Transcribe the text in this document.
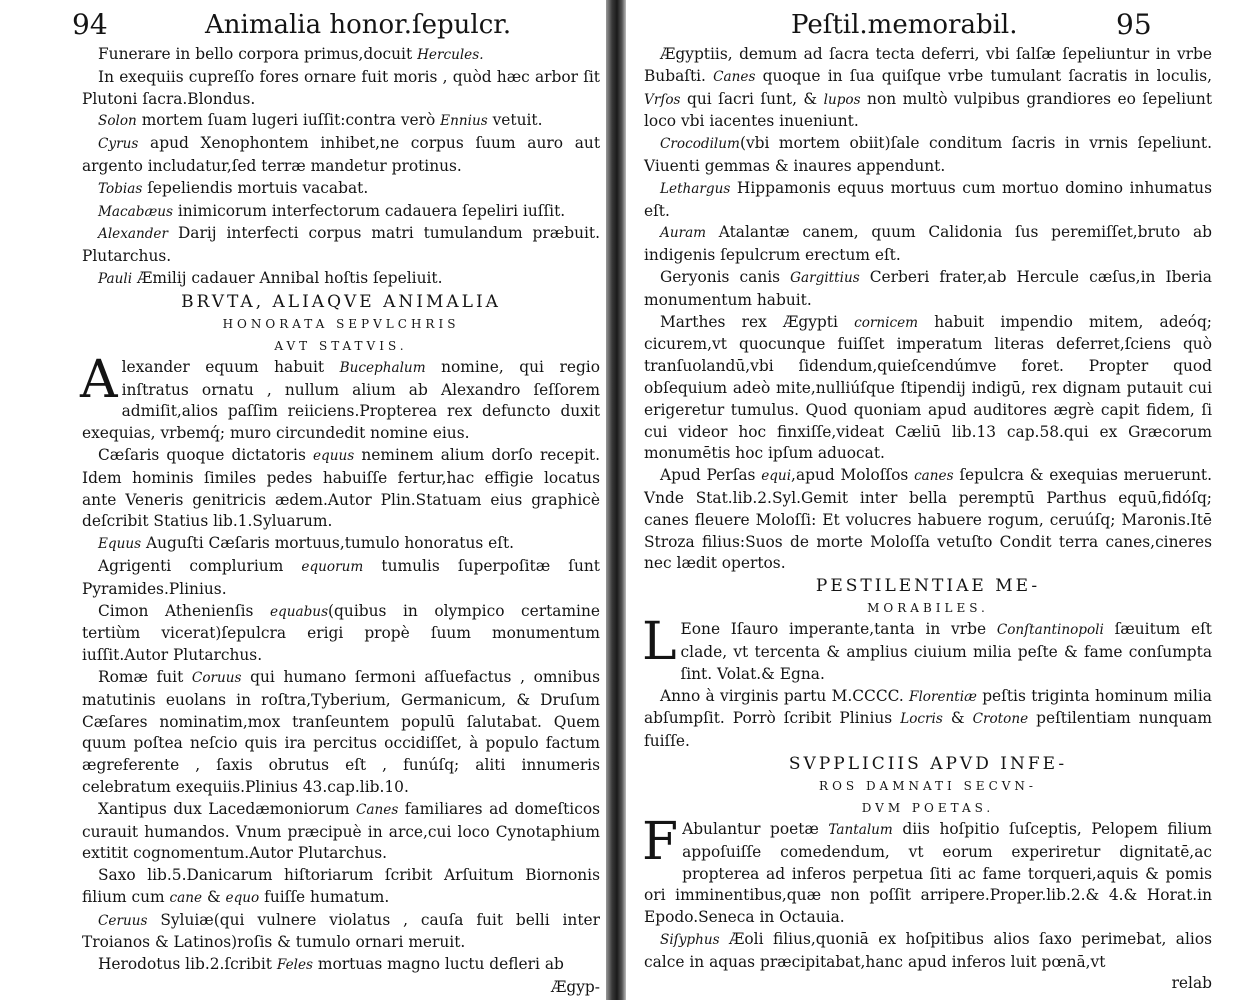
94	Animalia honor.ſepulcr.

Funerare in bello corpora primus,docuit Hercules.

In exequiis cupreſſo fores ornare fuit moris , quòd hæc arbor ſit Plutoni ſacra.Blondus.

Solon mortem ſuam lugeri iuſſit:contra verò Ennius vetuit.

Cyrus apud Xenophontem inhibet,ne corpus ſuum auro aut argento includatur,ſed terræ mandetur protinus.

Tobias ſepeliendis mortuis vacabat.

Macabæus inimicorum interfectorum cadauera ſepeliri iuſſit.

Alexander Darij interfecti corpus matri tumulandum præbuit. Plutarchus.

Pauli Æmilij cadauer Annibal hoſtis ſepeliuit.

BRVTA, ALIAQVE ANIMALIA

HONORATA SEPVLCHRIS

AVT STATVIS.

Alexander equum habuit Bucephalum nomine, qui regio inſtratus ornatu , nullum alium ab Alexandro ſeſſorem admiſit,alios paſſim reiiciens.Propterea rex defuncto duxit exequias, vrbemq́; muro circundedit nomine eius.

Cæſaris quoque dictatoris equus neminem alium dorſo recepit. Idem hominis ſimiles pedes habuiſſe fertur,hac effigie locatus ante Veneris genitricis ædem.Autor Plin.Statuam eius graphicè deſcribit Statius lib.1.Syluarum.

Equus Auguſti Cæſaris mortuus,tumulo honoratus eſt.

Agrigenti complurium equorum tumulis ſuperpoſitæ ſunt Pyramides.Plinius.

Cimon Athenienſis equabus(quibus in olympico certamine tertiùm vicerat)ſepulcra erigi propè ſuum monumentum iuſſit.Autor Plutarchus.

Romæ fuit Coruus qui humano ſermoni aſſuefactus , omnibus matutinis euolans in roſtra,Tyberium, Germanicum, & Druſum Cæſares nominatim,mox tranſeuntem populū ſalutabat. Quem quum poſtea neſcio quis ira percitus occidiſſet, à populo factum ægreferente , ſaxis obrutus eſt , funúſq; aliti innumeris celebratum exequiis.Plinius 43.cap.lib.10.

Xantipus dux Lacedæmoniorum Canes familiares ad domeſticos curauit humandos. Vnum præcipuè in arce,cui loco Cynotaphium extitit cognomentum.Autor Plutarchus.

Saxo lib.5.Danicarum hiſtoriarum ſcribit Arſuitum Biornonis filium cum cane & equo fuiſſe humatum.

Ceruus Syluiæ(qui vulnere violatus , cauſa fuit belli inter Troianos & Latinos)roſis & tumulo ornari meruit.

Herodotus lib.2.ſcribit Feles mortuas magno luctu defleri ab

Ægyp-

Peſtil.memorabil.	95

Ægyptiis, demum ad ſacra tecta deferri, vbi ſalſæ ſepeliuntur in vrbe Bubaſti. Canes quoque in ſua quiſque vrbe tumulant ſacratis in loculis, Vrſos qui ſacri ſunt, & lupos non multò vulpibus grandiores eo ſepeliunt loco vbi iacentes inueniunt.

Crocodilum(vbi mortem obiit)ſale conditum ſacris in vrnis ſepeliunt. Viuenti gemmas & inaures appendunt.

Lethargus Hippamonis equus mortuus cum mortuo domino inhumatus eſt.

Auram Atalantæ canem, quum Calidonia ſus peremiſſet,bruto ab indigenis ſepulcrum erectum eſt.

Geryonis canis Gargittius Cerberi frater,ab Hercule cæſus,in Iberia monumentum habuit.

Marthes rex Ægypti cornicem habuit impendio mitem, adeóq; cicurem,vt quocunque fuiſſet imperatum literas deferret,ſciens quò tranſuolandū,vbi ſidendum,quieſcendúmve foret. Propter quod obſequium adeò mite,nulliúſque ſtipendij indigū, rex dignam putauit cui erigeretur tumulus. Quod quoniam apud auditores ægrè capit fidem, ſi cui videor hoc finxiſſe,videat Cæliū lib.13 cap.58.qui ex Græcorum monumētis hoc ipſum aduocat.

Apud Perſas equi,apud Moloſſos canes ſepulcra & exequias meruerunt. Vnde Stat.lib.2.Syl.Gemit inter bella peremptū Parthus equū,fidóſq; canes fleuere Moloſſi: Et volucres habuere rogum, ceruúſq; Maronis.Itē Stroza filius:Suos de morte Moloſſa vetuſto Condit terra canes,cineres nec lædit opertos.

PESTILENTIAE ME-

MORABILES.

L Eone Iſauro imperante,tanta in vrbe Conſtantinopoli ſæuitum eſt clade, vt tercenta & amplius ciuium milia peſte & fame conſumpta ſint. Volat.& Egna.

Anno à virginis partu M.CCCC. Florentiæ peſtis triginta hominum milia abſumpſit. Porrò ſcribit Plinius Locris & Crotone peſtilentiam nunquam fuiſſe.

SVPPLICIIS APVD INFE-

ROS DAMNATI SECVN-

DVM POETAS.

F Abulantur poetæ Tantalum diis hoſpitio ſuſceptis, Pelopem filium appoſuiſſe comedendum, vt eorum experiretur dignitatē,ac propterea ad inferos perpetua ſiti ac fame torqueri,aquis & pomis ori imminentibus,quæ non poſſit arripere.Proper.lib.2.& 4.& Horat.in Epodo.Seneca in Octauia.

Siſyphus Æoli filius,quoniā ex hoſpitibus alios ſaxo perimebat, alios calce in aquas præcipitabat,hanc apud inferos luit pœnā,vt

relab
